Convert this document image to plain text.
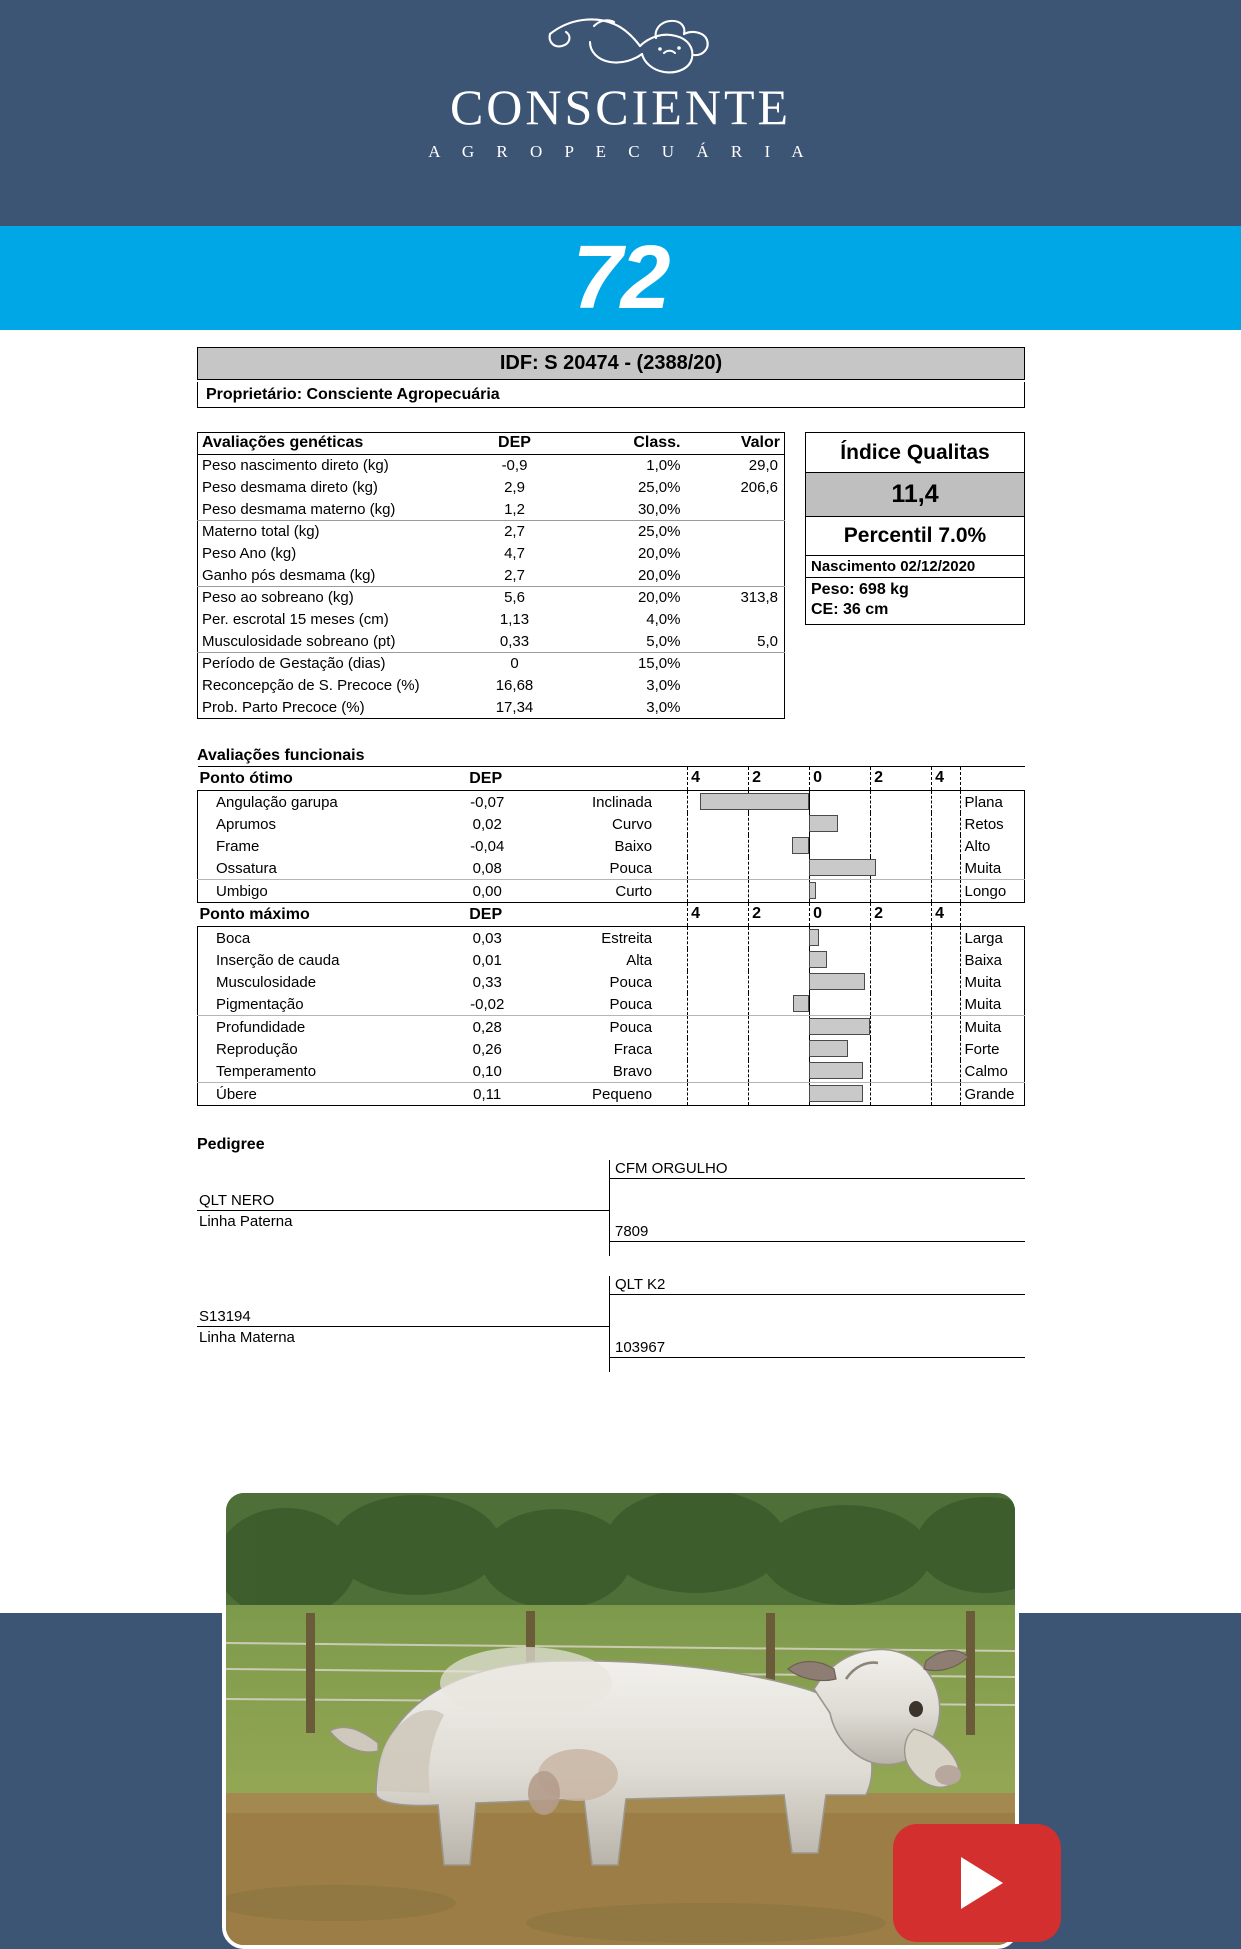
CONSCIENTE
A G R O P E C U Á R I A
72
IDF: S 20474 - (2388/20)
Proprietário: Consciente Agropecuária
Avaliações genéticas	DEP	Class.	Valor
Peso nascimento direto (kg)	-0,9	1,0%	29,0
Peso desmama direto (kg)	2,9	25,0%	206,6
Peso desmama materno (kg)	1,2	30,0%	
Materno total (kg)	2,7	25,0%	
Peso Ano (kg)	4,7	20,0%	
Ganho pós desmama (kg)	2,7	20,0%	
Peso ao sobreano (kg)	5,6	20,0%	313,8
Per. escrotal 15 meses (cm)	1,13	4,0%	
Musculosidade sobreano (pt)	0,33	5,0%	5,0
Período de Gestação (dias)	0	15,0%	
Reconcepção de S. Precoce (%)	16,68	3,0%	
Prob. Parto Precoce (%)	17,34	3,0%	
Índice Qualitas
11,4
Percentil 7.0%
Nascimento 02/12/2020
Peso: 698 kg
CE: 36 cm
Avaliações funcionais
Ponto ótimo	DEP		4 2 0 2 4	

Angulação garupa	-0,07	Inclinada		Plana
Aprumos	0,02	Curvo		Retos
Frame	-0,04	Baixo		Alto
Ossatura	0,08	Pouca		Muita
Umbigo	0,00	Curto		Longo
Ponto máximo	DEP		4 2 0 2 4	

Boca	0,03	Estreita		Larga
Inserção de cauda	0,01	Alta		Baixa
Musculosidade	0,33	Pouca		Muita
Pigmentação	-0,02	Pouca		Muita
Profundidade	0,28	Pouca		Muita
Reprodução	0,26	Fraca		Forte
Temperamento	0,10	Bravo		Calmo
Úbere	0,11	Pequeno		Grande
Pedigree
QLT NERO
Linha Paterna
CFM ORGULHO
7809
S13194
Linha Materna
QLT K2
103967
